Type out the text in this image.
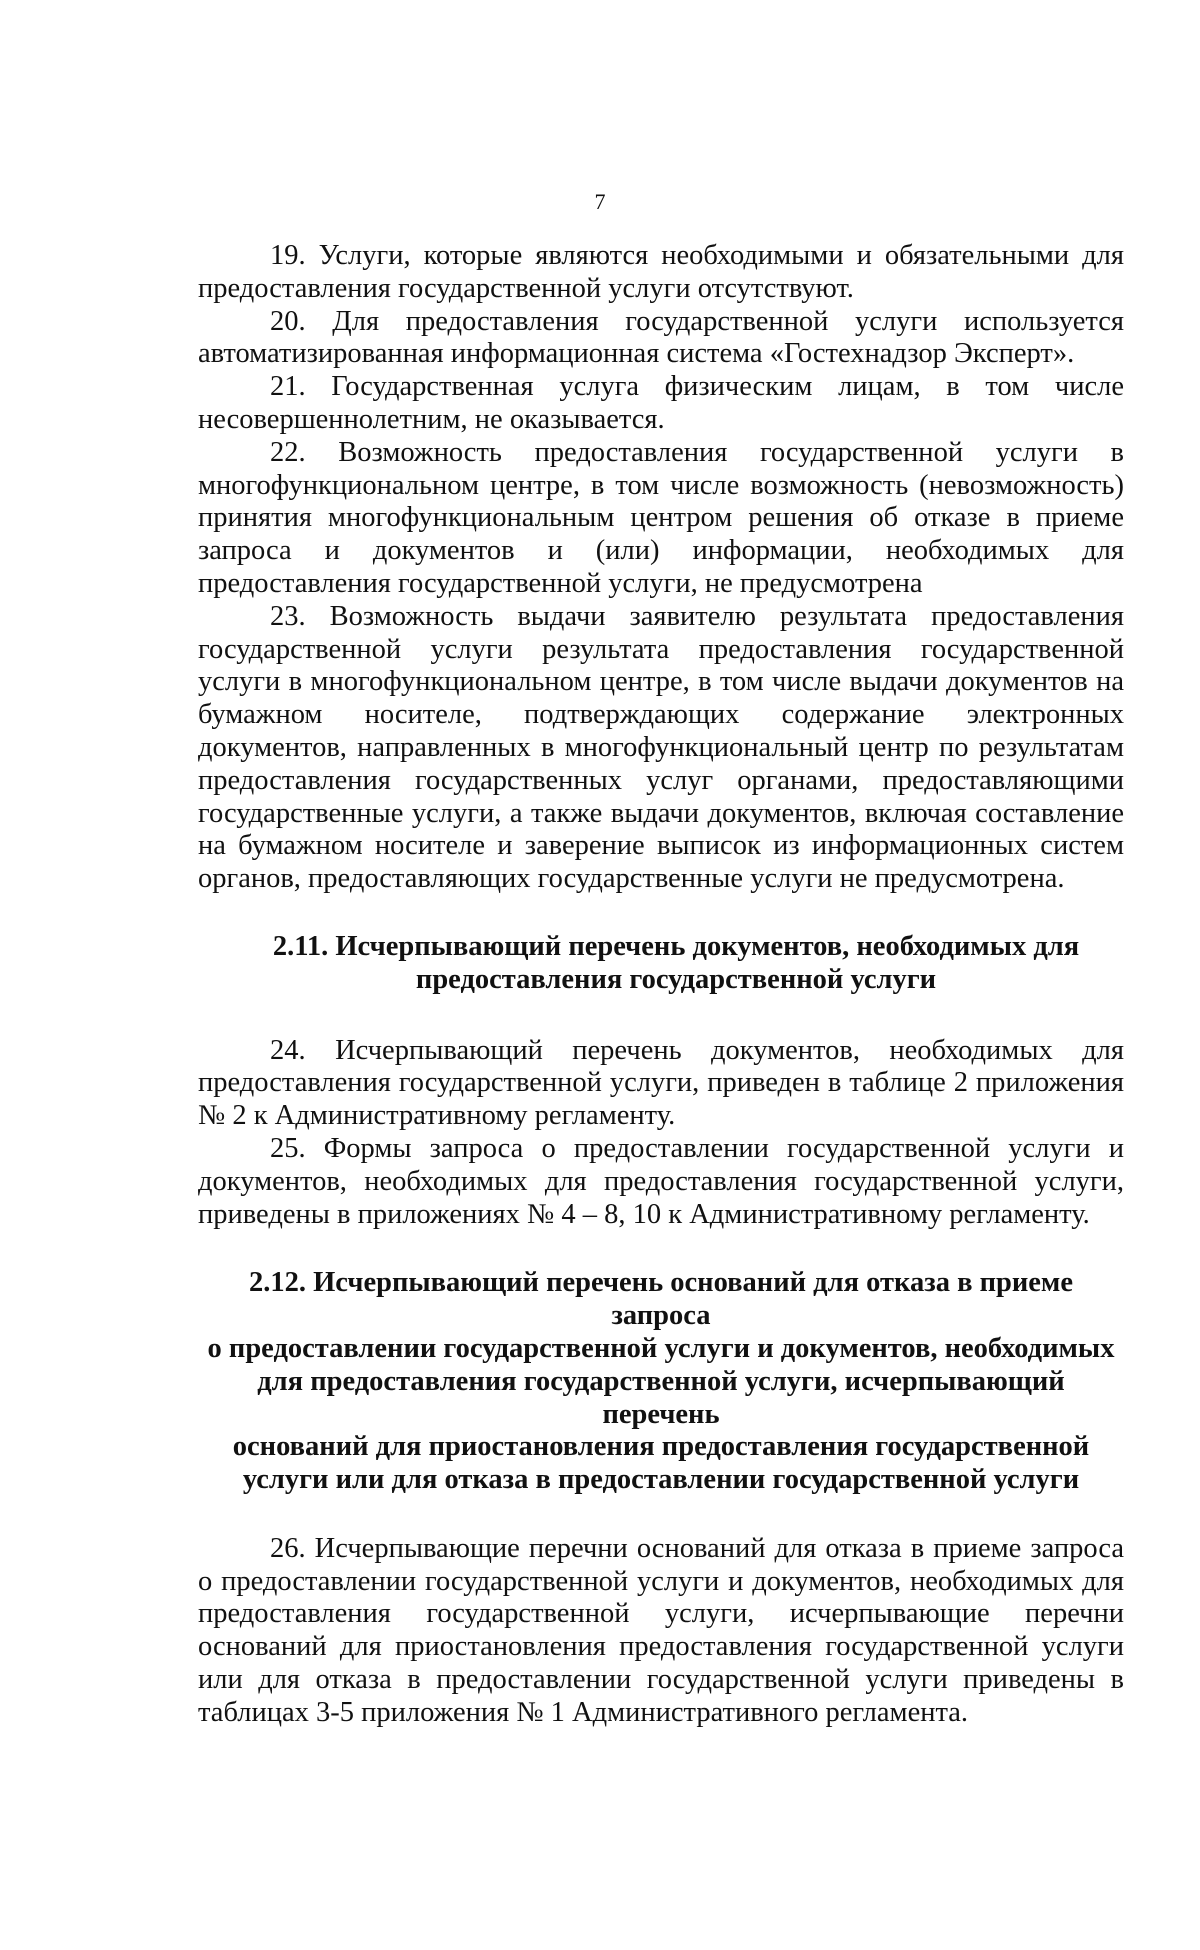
7

19. Услуги, которые являются необходимыми и обязательными для предоставления государственной услуги отсутствуют.

20. Для предоставления государственной услуги используется автоматизированная информационная система «Гостехнадзор Эксперт».

21. Государственная услуга физическим лицам, в том числе несовершеннолетним, не оказывается.

22. Возможность предоставления государственной услуги в многофункциональном центре, в том числе возможность (невозможность) принятия многофункциональным центром решения об отказе в приеме запроса и документов и (или) информации, необходимых для предоставления государственной услуги, не предусмотрена

23. Возможность выдачи заявителю результата предоставления государственной услуги результата предоставления государственной услуги в многофункциональном центре, в том числе выдачи документов на бумажном носителе, подтверждающих содержание электронных документов, направленных в многофункциональный центр по результатам предоставления государственных услуг органами, предоставляющими государственные услуги, а также выдачи документов, включая составление на бумажном носителе и заверение выписок из информационных систем органов, предоставляющих государственные услуги не предусмотрена.

2.11. Исчерпывающий перечень документов, необходимых для предоставления государственной услуги

24. Исчерпывающий перечень документов, необходимых для предоставления государственной услуги, приведен в таблице 2 приложения № 2 к Административному регламенту.

25. Формы запроса о предоставлении государственной услуги и документов, необходимых для предоставления государственной услуги, приведены в приложениях № 4 – 8, 10 к Административному регламенту.

2.12. Исчерпывающий перечень оснований для отказа в приеме запроса
о предоставлении государственной услуги и документов, необходимых
для предоставления государственной услуги, исчерпывающий перечень
оснований для приостановления предоставления государственной
услуги или для отказа в предоставлении государственной услуги

26. Исчерпывающие перечни оснований для отказа в приеме запроса о предоставлении государственной услуги и документов, необходимых для предоставления государственной услуги, исчерпывающие перечни оснований для приостановления предоставления государственной услуги или для отказа в предоставлении государственной услуги приведены в таблицах 3-5 приложения № 1 Административного регламента.
